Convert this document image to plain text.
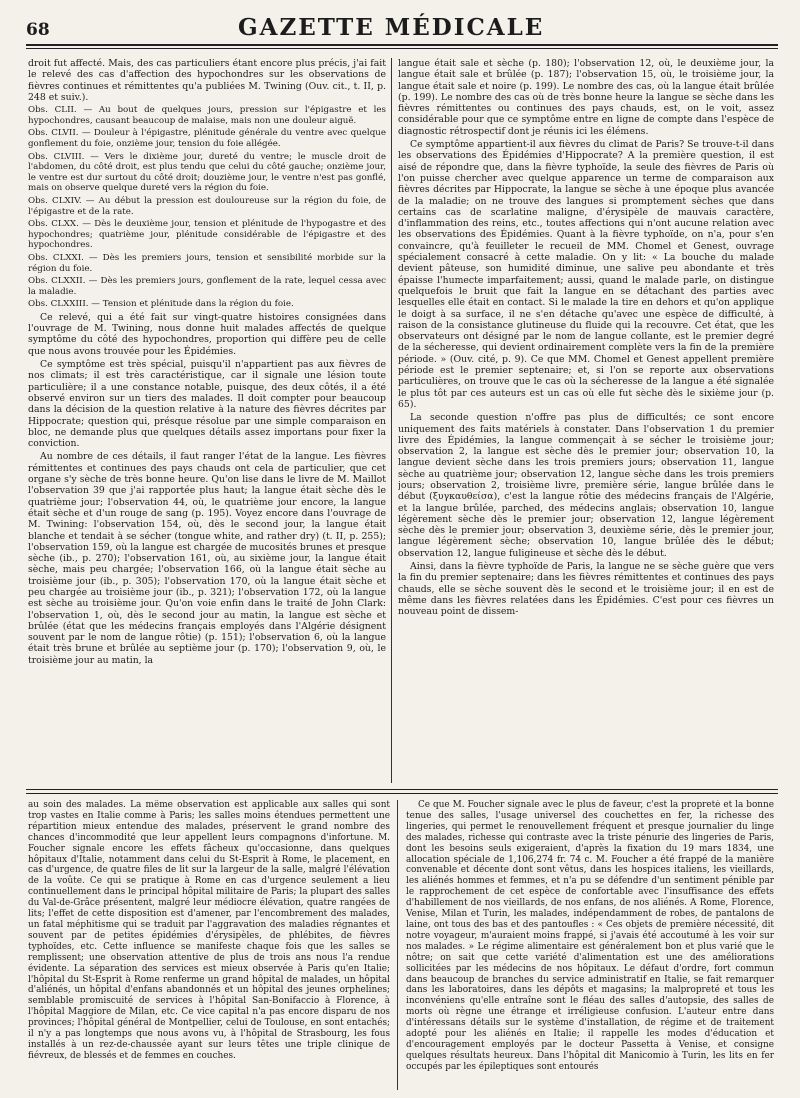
68	GAZETTE MÉDICALE

droit fut affecté. Mais, des cas particuliers étant encore plus précis, j'ai fait le relevé des cas d'affection des hypochondres sur les observations de fièvres continues et rémittentes qu'a publiées M. Twining (Ouv. cit., t. II, p. 248 et suiv.).

Obs. CLII. — Au bout de quelques jours, pression sur l'épigastre et les hypochondres, causant beaucoup de malaise, mais non une douleur aiguë.

Obs. CLVII. — Douleur à l'épigastre, plénitude générale du ventre avec quelque gonflement du foie, onzième jour, tension du foie allégée.

Obs. CLVIII. — Vers le dixième jour, dureté du ventre; le muscle droit de l'abdomen, du côté droit, est plus tendu que celui du côté gauche; onzième jour, le ventre est dur surtout du côté droit; douzième jour, le ventre n'est pas gonflé, mais on observe quelque dureté vers la région du foie.

Obs. CLXIV. — Au début la pression est douloureuse sur la région du foie, de l'épigastre et de la rate.

Obs. CLXX. — Dès le deuxième jour, tension et plénitude de l'hypogastre et des hypochondres; quatrième jour, plénitude considérable de l'épigastre et des hypochondres.

Obs. CLXXI. — Dès les premiers jours, tension et sensibilité morbide sur la région du foie.

Obs. CLXXII. — Dès les premiers jours, gonflement de la rate, lequel cessa avec la maladie.

Obs. CLXXIII. — Tension et plénitude dans la région du foie.

Ce relevé, qui a été fait sur vingt-quatre histoires consignées dans l'ouvrage de M. Twining, nous donne huit malades affectés de quelque symptôme du côté des hypochondres, proportion qui diffère peu de celle que nous avons trouvée pour les Épidémies.

Ce symptôme est très spécial, puisqu'il n'appartient pas aux fièvres de nos climats; il est très caractéristique, car il signale une lésion toute particulière; il a une constance notable, puisque, des deux côtés, il a été observé environ sur un tiers des malades. Il doit compter pour beaucoup dans la décision de la question relative à la nature des fièvres décrites par Hippocrate; question qui, présque résolue par une simple comparaison en bloc, ne demande plus que quelques détails assez importans pour fixer la conviction.

Au nombre de ces détails, il faut ranger l'état de la langue. Les fièvres rémittentes et continues des pays chauds ont cela de particulier, que cet organe s'y sèche de très bonne heure. Qu'on lise dans le livre de M. Maillot l'observation 39 que j'ai rapportée plus haut; la langue était sèche dès le quatrième jour; l'observation 44, où, le quatrième jour encore, la langue était sèche et d'un rouge de sang (p. 195). Voyez encore dans l'ouvrage de M. Twining: l'observation 154, où, dès le second jour, la langue était blanche et tendait à se sécher (tongue white, and rather dry) (t. II, p. 255); l'observation 159, où la langue est chargée de mucosités brunes et presque sèche (ib., p. 270); l'observation 161, où, au sixième jour, la langue était sèche, mais peu chargée; l'observation 166, où la langue était sèche au troisième jour (ib., p. 305); l'observation 170, où la langue était sèche et peu chargée au troisième jour (ib., p. 321); l'observation 172, où la langue est sèche au troisième jour. Qu'on voie enfin dans le traité de John Clark: l'observation 1, où, dès le second jour au matin, la langue est sèche et brûlée (état que les médecins français employés dans l'Algérie désignent souvent par le nom de langue rôtie) (p. 151); l'observation 6, où la langue était très brune et brûlée au septième jour (p. 170); l'observation 9, où, le troisième jour au matin, la

langue était sale et sèche (p. 180); l'observation 12, où, le deuxième jour, la langue était sale et brûlée (p. 187); l'observation 15, où, le troisième jour, la langue était sale et noire (p. 199). Le nombre des cas, où la langue était brûlée (p. 199). Le nombre des cas où de très bonne heure la langue se sèche dans les fièvres rémittentes ou continues des pays chauds, est, on le voit, assez considérable pour que ce symptôme entre en ligne de compte dans l'espèce de diagnostic rétrospectif dont je réunis ici les élémens.

Ce symptôme appartient-il aux fièvres du climat de Paris? Se trouve-t-il dans les observations des Épidémies d'Hippocrate? A la première question, il est aisé de répondre que, dans la fièvre typhoïde, la seule des fièvres de Paris où l'on puisse chercher avec quelque apparence un terme de comparaison aux fièvres décrites par Hippocrate, la langue se sèche à une époque plus avancée de la maladie; on ne trouve des langues si promptement sèches que dans certains cas de scarlatine maligne, d'érysipèle de mauvais caractère, d'inflammation des reins, etc., toutes affections qui n'ont aucune relation avec les observations des Épidémies. Quant à la fièvre typhoïde, on n'a, pour s'en convaincre, qu'à feuilleter le recueil de MM. Chomel et Genest, ouvrage spécialement consacré à cette maladie. On y lit: « La bouche du malade devient pâteuse, son humidité diminue, une salive peu abondante et très épaisse l'humecte imparfaitement; aussi, quand le malade parle, on distingue quelquefois le bruit que fait la langue en se détachant des parties avec lesquelles elle était en contact. Si le malade la tire en dehors et qu'on applique le doigt à sa surface, il ne s'en détache qu'avec une espèce de difficulté, à raison de la consistance glutineuse du fluide qui la recouvre. Cet état, que les observateurs ont désigné par le nom de langue collante, est le premier degré de la sécheresse, qui devient ordinairement complète vers la fin de la première période. » (Ouv. cité, p. 9). Ce que MM. Chomel et Genest appellent première période est le premier septenaire; et, si l'on se reporte aux observations particulières, on trouve que le cas où la sécheresse de la langue a été signalée le plus tôt par ces auteurs est un cas où elle fut sèche dès le sixième jour (p. 65).

La seconde question n'offre pas plus de difficultés; ce sont encore uniquement des faits matériels à constater. Dans l'observation 1 du premier livre des Épidémies, la langue commençait à se sécher le troisième jour; observation 2, la langue est sèche dès le premier jour; observation 10, la langue devient sèche dans les trois premiers jours; observation 11, langue sèche au quatrième jour; observation 12, langue sèche dans les trois premiers jours; observation 2, troisième livre, première série, langue brûlée dans le début (ξυγκαυθείσα), c'est la langue rôtie des médecins français de l'Algérie, et la langue brûlée, parched, des médecins anglais; observation 10, langue légèrement sèche dès le premier jour; observation 12, langue légèrement sèche dès le premier jour; observation 3, deuxième série, dès le premier jour, langue légèrement sèche; observation 10, langue brûlée dès le début; observation 12, langue fuligineuse et sèche dès le début.

Ainsi, dans la fièvre typhoïde de Paris, la langue ne se sèche guère que vers la fin du premier septenaire; dans les fièvres rémittentes et continues des pays chauds, elle se sèche souvent dès le second et le troisième jour; il en est de même dans les fièvres relatées dans les Épidémies. C'est pour ces fièvres un nouveau point de dissem-

au soin des malades. La même observation est applicable aux salles qui sont trop vastes en Italie comme à Paris; les salles moins étendues permettent une répartition mieux entendue des malades, préservent le grand nombre des chances d'incommodité que leur appellent leurs compagnons d'infortune. M. Foucher signale encore les effets fâcheux qu'occasionne, dans quelques hôpitaux d'Italie, notamment dans celui du St-Esprit à Rome, le placement, en cas d'urgence, de quatre files de lit sur la largeur de la salle, malgré l'élévation de la voûte. Ce qui se pratique à Rome en cas d'urgence seulement a lieu continuellement dans le principal hôpital militaire de Paris; la plupart des salles du Val-de-Grâce présentent, malgré leur médiocre élévation, quatre rangées de lits; l'effet de cette disposition est d'amener, par l'encombrement des malades, un fatal méphitisme qui se traduit par l'aggravation des maladies régnantes et souvent par de petites épidémies d'érysipèles, de phlébites, de fièvres typhoïdes, etc. Cette influence se manifeste chaque fois que les salles se remplissent; une observation attentive de plus de trois ans nous l'a rendue évidente. La séparation des services est mieux observée à Paris qu'en Italie; l'hôpital du St-Esprit à Rome renferme un grand hôpital de malades, un hôpital d'aliénés, un hôpital d'enfans abandonnés et un hôpital des jeunes orphelines; semblable promiscuité de services à l'hôpital San-Bonifaccio à Florence, à l'hôpital Maggiore de Milan, etc. Ce vice capital n'a pas encore disparu de nos provinces; l'hôpital général de Montpellier, celui de Toulouse, en sont entachés; il n'y a pas longtemps que nous avons vu, à l'hôpital de Strasbourg, les fous installés à un rez-de-chaussée ayant sur leurs têtes une triple clinique de fiévreux, de blessés et de femmes en couches.

Ce que M. Foucher signale avec le plus de faveur, c'est la propreté et la bonne tenue des salles, l'usage universel des couchettes en fer, la richesse des lingeries, qui permet le renouvellement fréquent et presque journalier du linge des malades, richesse qui contraste avec la triste pénurie des lingeries de Paris, dont les besoins seuls exigeraient, d'après la fixation du 19 mars 1834, une allocation spéciale de 1,106,274 fr. 74 c. M. Foucher a été frappé de la manière convenable et décente dont sont vêtus, dans les hospices italiens, les vieillards, les aliénés hommes et femmes, et n'a pu se défendre d'un sentiment pénible par le rapprochement de cet espèce de confortable avec l'insuffisance des effets d'habillement de nos vieillards, de nos enfans, de nos aliénés. A Rome, Florence, Venise, Milan et Turin, les malades, indépendamment de robes, de pantalons de laine, ont tous des bas et des pantoufles : « Ces objets de première nécessité, dit notre voyageur, m'auraient moins frappé, si j'avais été accoutumé à les voir sur nos malades. » Le régime alimentaire est généralement bon et plus varié que le nôtre; on sait que cette variété d'alimentation est une des améliorations sollicitées par les médecins de nos hôpitaux. Le défaut d'ordre, fort commun dans beaucoup de branches du service administratif en Italie, se fait remarquer dans les laboratoires, dans les dépôts et magasins; la malpropreté et tous les inconvéniens qu'elle entraîne sont le fléau des salles d'autopsie, des salles de morts où règne une étrange et irréligieuse confusion. L'auteur entre dans d'intéressans détails sur le système d'installation, de régime et de traitement adopté pour les aliénés en Italie; il rappelle les modes d'éducation et d'encouragement employés par le docteur Passetta à Venise, et consigne quelques résultats heureux. Dans l'hôpital dit Manicomio à Turin, les lits en fer occupés par les épileptiques sont entourés
